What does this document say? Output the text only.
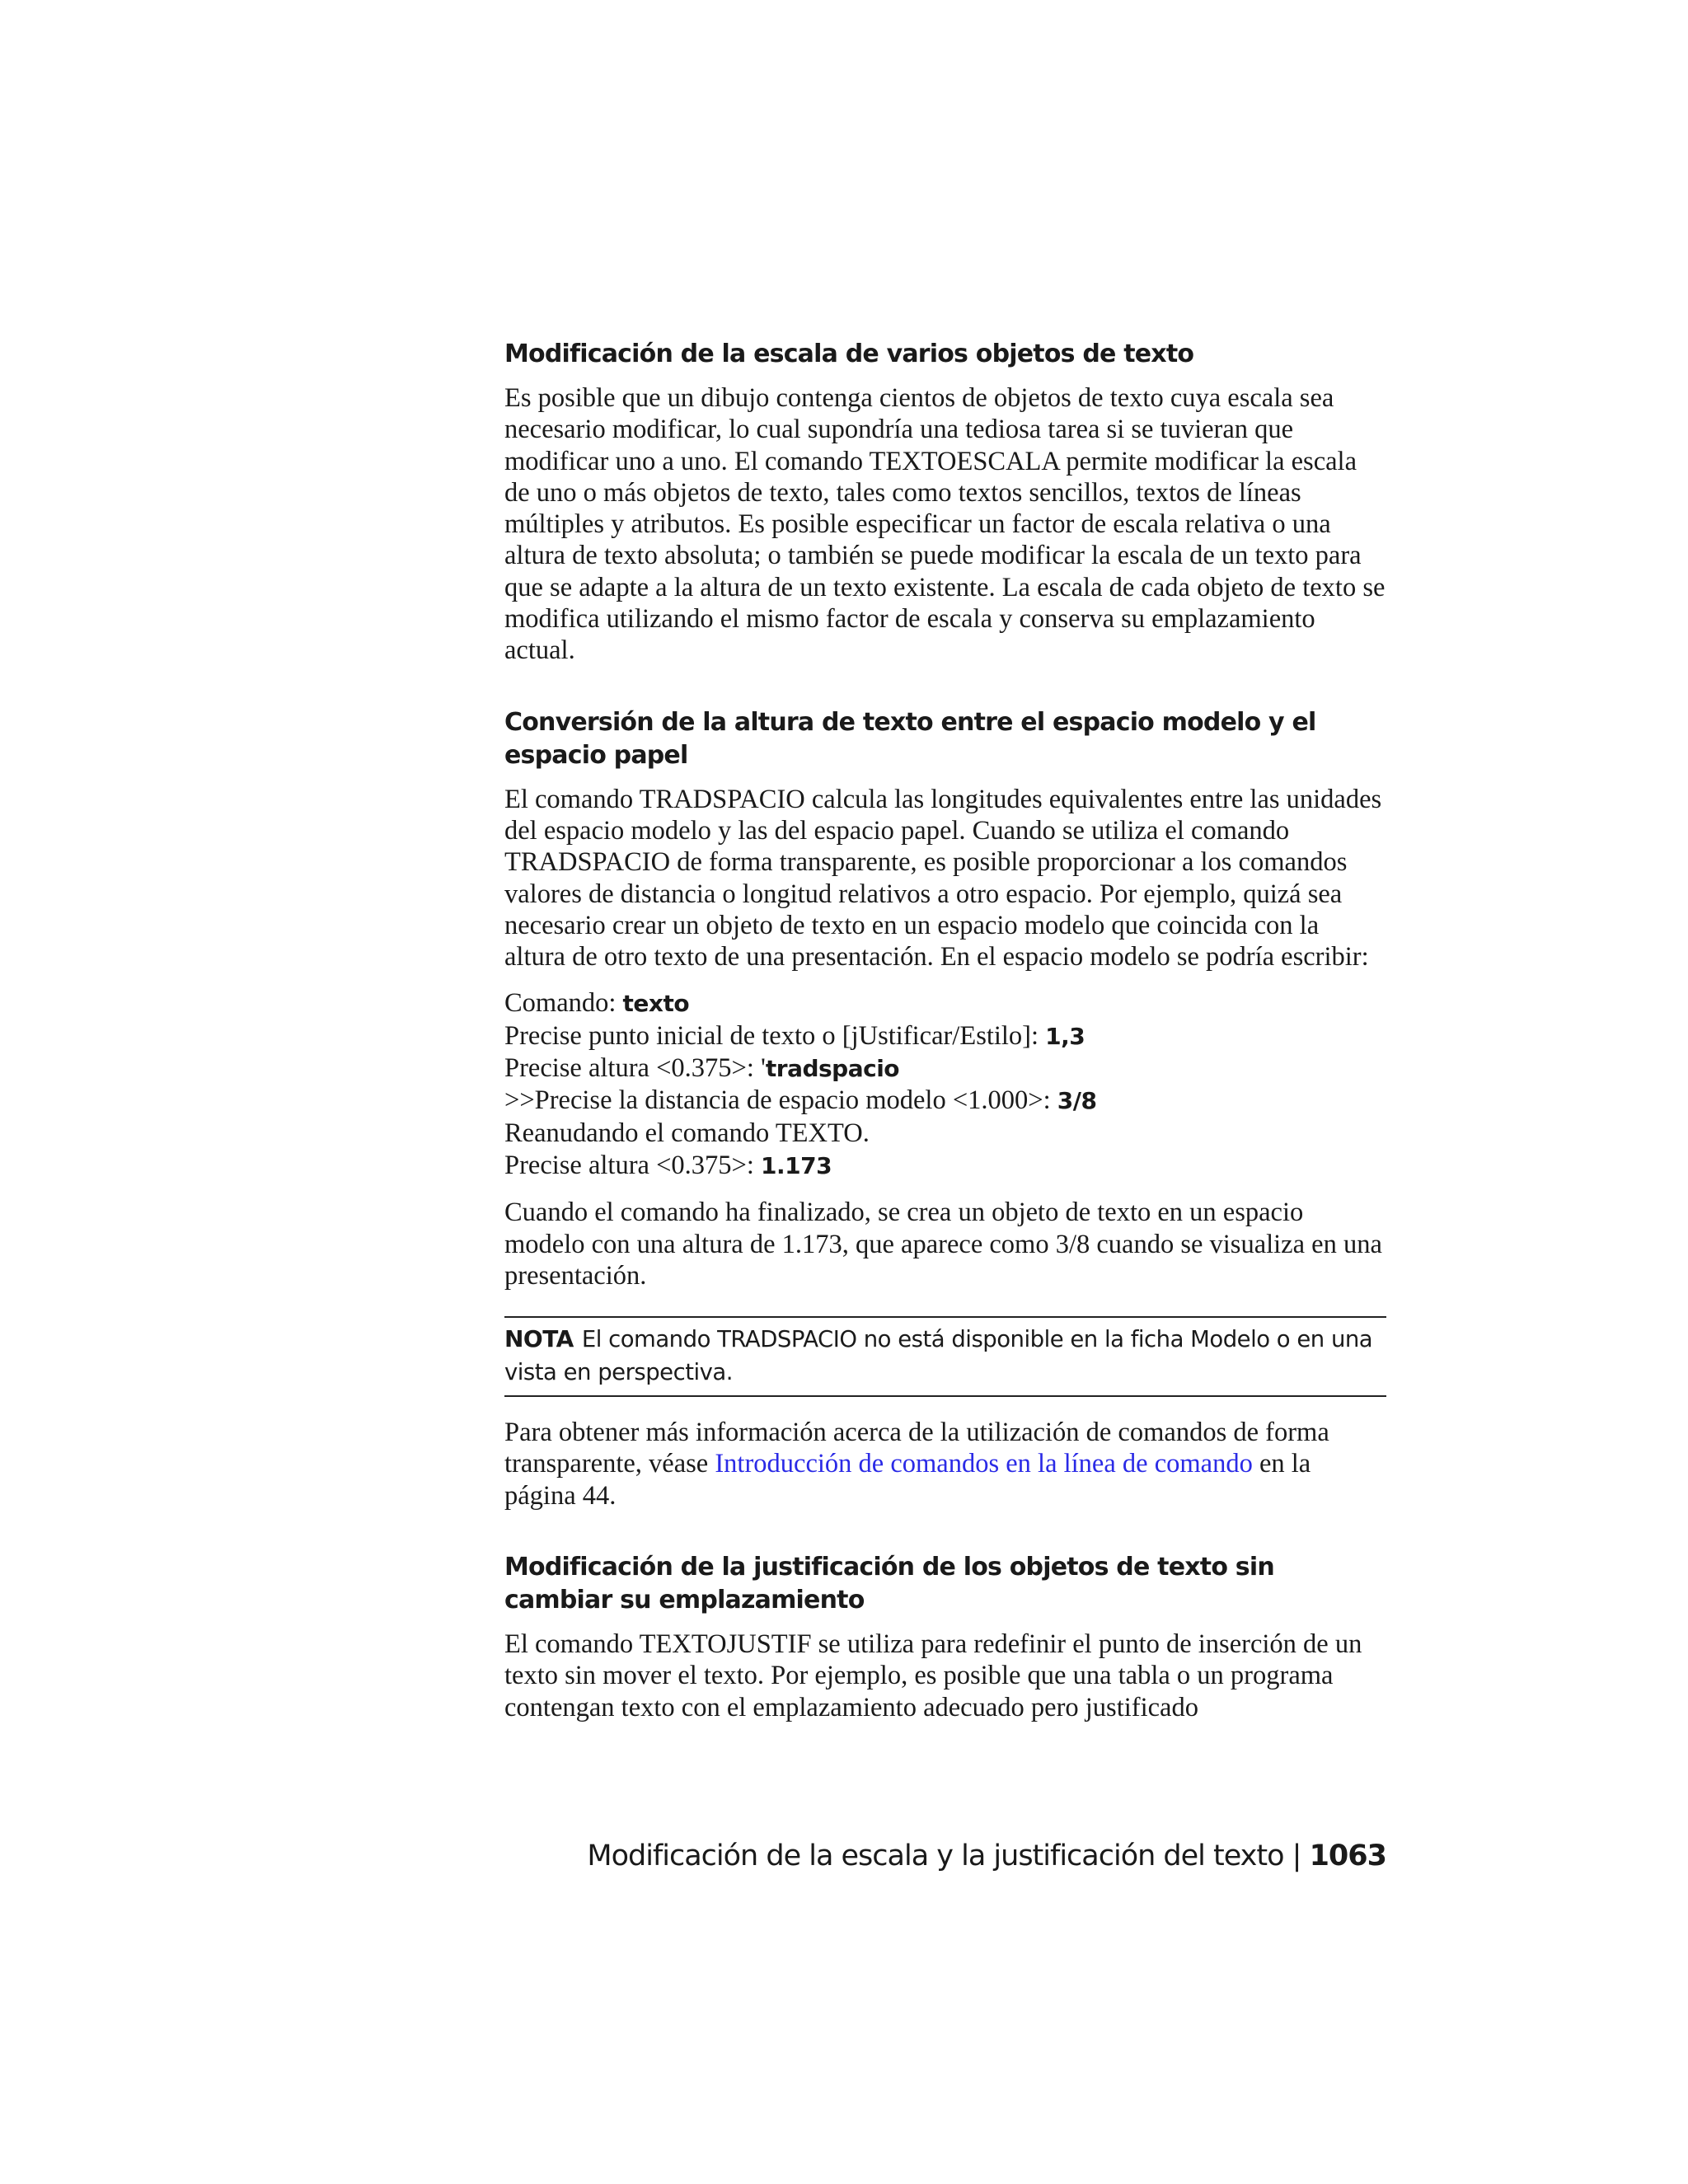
Modificación de la escala de varios objetos de texto

Es posible que un dibujo contenga cientos de objetos de texto cuya escala sea necesario modificar, lo cual supondría una tediosa tarea si se tuvieran que modificar uno a uno. El comando TEXTOESCALA permite modificar la escala de uno o más objetos de texto, tales como textos sencillos, textos de líneas múltiples y atributos. Es posible especificar un factor de escala relativa o una altura de texto absoluta; o también se puede modificar la escala de un texto para que se adapte a la altura de un texto existente. La escala de cada objeto de texto se modifica utilizando el mismo factor de escala y conserva su emplazamiento actual.

Conversión de la altura de texto entre el espacio modelo y el espacio papel

El comando TRADSPACIO calcula las longitudes equivalentes entre las unidades del espacio modelo y las del espacio papel. Cuando se utiliza el comando TRADSPACIO de forma transparente, es posible proporcionar a los comandos valores de distancia o longitud relativos a otro espacio. Por ejemplo, quizá sea necesario crear un objeto de texto en un espacio modelo que coincida con la altura de otro texto de una presentación. En el espacio modelo se podría escribir:

Comando: texto
Precise punto inicial de texto o [jUstificar/Estilo]: 1,3
Precise altura <0.375>: 'tradspacio
>>Precise la distancia de espacio modelo <1.000>: 3/8
Reanudando el comando TEXTO.
Precise altura <0.375>: 1.173

Cuando el comando ha finalizado, se crea un objeto de texto en un espacio modelo con una altura de 1.173, que aparece como 3/8 cuando se visualiza en una presentación.

NOTA El comando TRADSPACIO no está disponible en la ficha Modelo o en una vista en perspectiva.

Para obtener más información acerca de la utilización de comandos de forma transparente, véase Introducción de comandos en la línea de comando en la página 44.

Modificación de la justificación de los objetos de texto sin cambiar su emplazamiento

El comando TEXTOJUSTIF se utiliza para redefinir el punto de inserción de un texto sin mover el texto. Por ejemplo, es posible que una tabla o un programa contengan texto con el emplazamiento adecuado pero justificado

Modificación de la escala y la justificación del texto | 1063
